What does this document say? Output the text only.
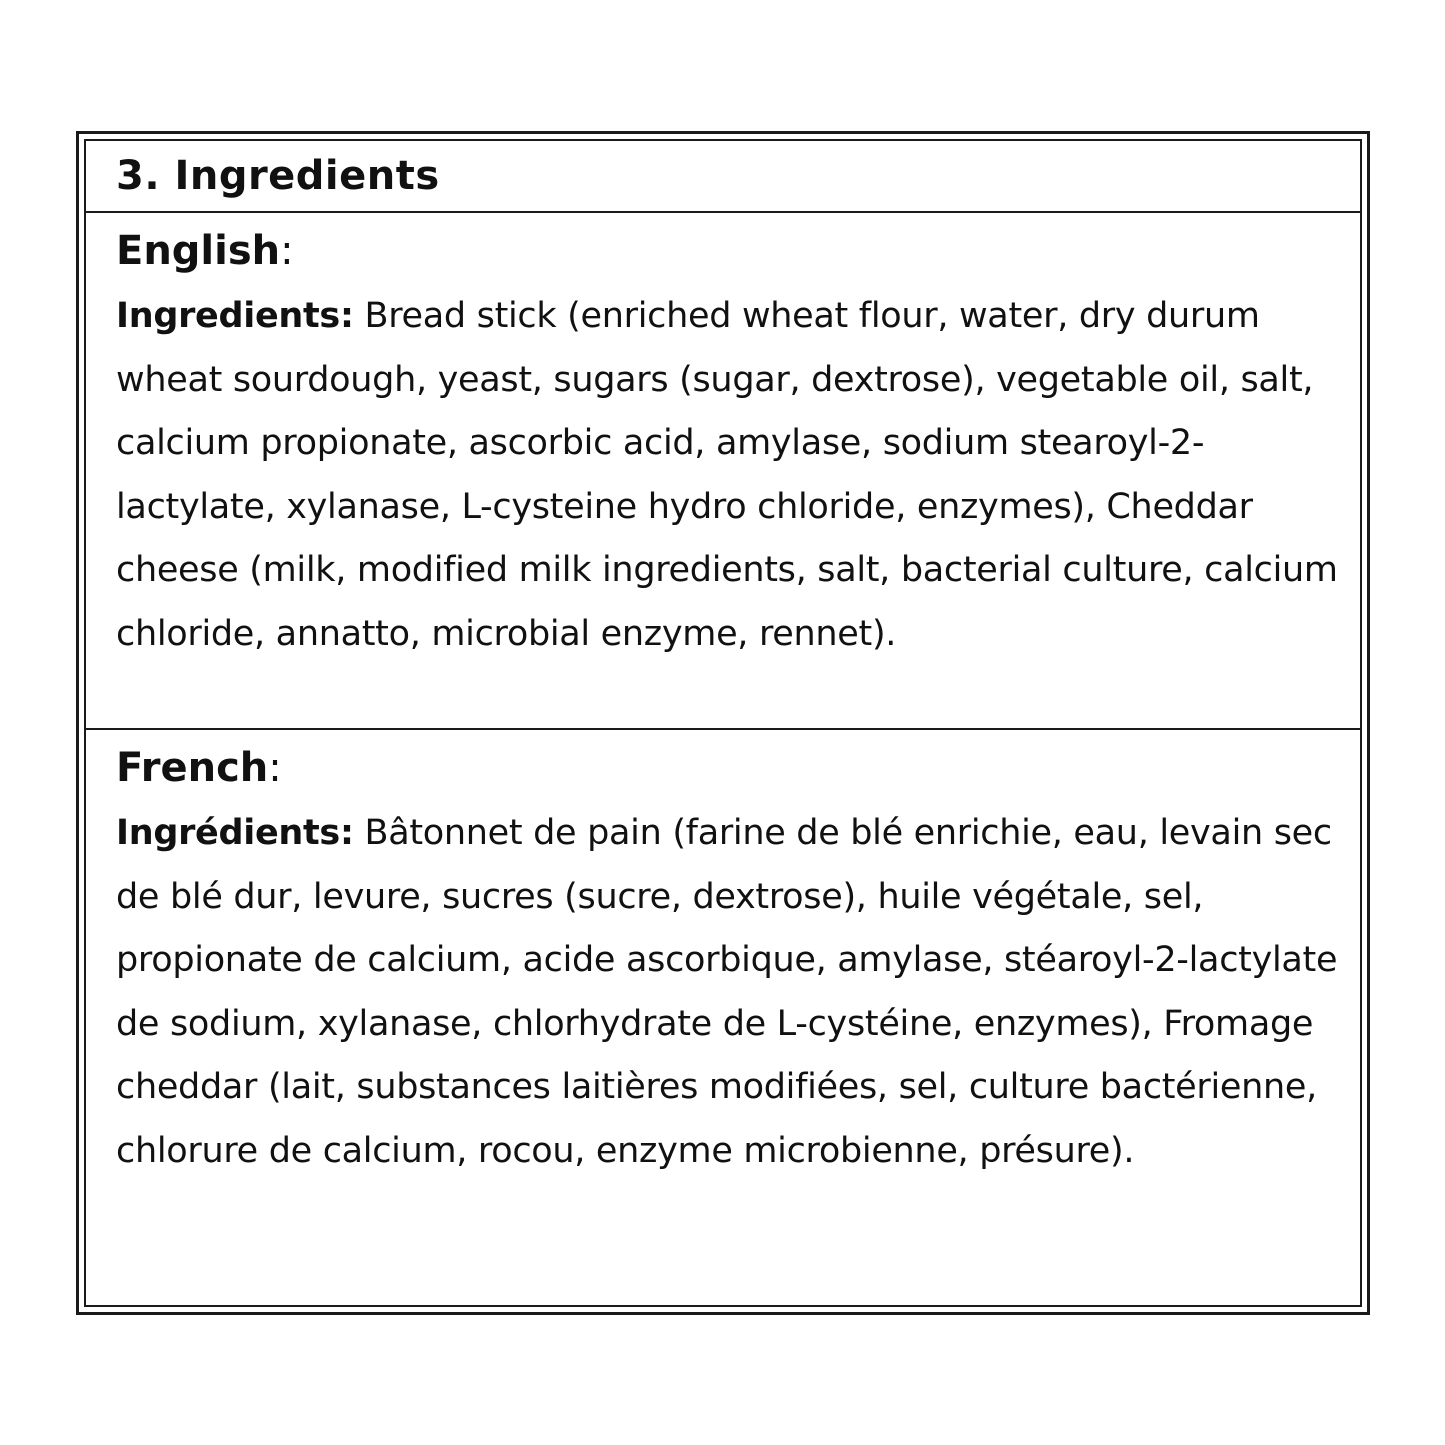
3. Ingredients
English:

Ingredients: Bread stick (enriched wheat flour, water, dry durum wheat sourdough, yeast, sugars (sugar, dextrose), vegetable oil, salt, calcium propionate, ascorbic acid, amylase, sodium stearoyl-2- lactylate, xylanase, L-cysteine hydro chloride, enzymes), Cheddar cheese (milk, modified milk ingredients, salt, bacterial culture, calcium chloride, annatto, microbial enzyme, rennet).

French:

Ingrédients: Bâtonnet de pain (farine de blé enrichie, eau, levain sec de blé dur, levure, sucres (sucre, dextrose), huile végétale, sel, propionate de calcium, acide ascorbique, amylase, stéaroyl-2-lactylate de sodium, xylanase, chlorhydrate de L-cystéine, enzymes), Fromage cheddar (lait, substances laitières modifiées, sel, culture bactérienne, chlorure de calcium, rocou, enzyme microbienne, présure).
